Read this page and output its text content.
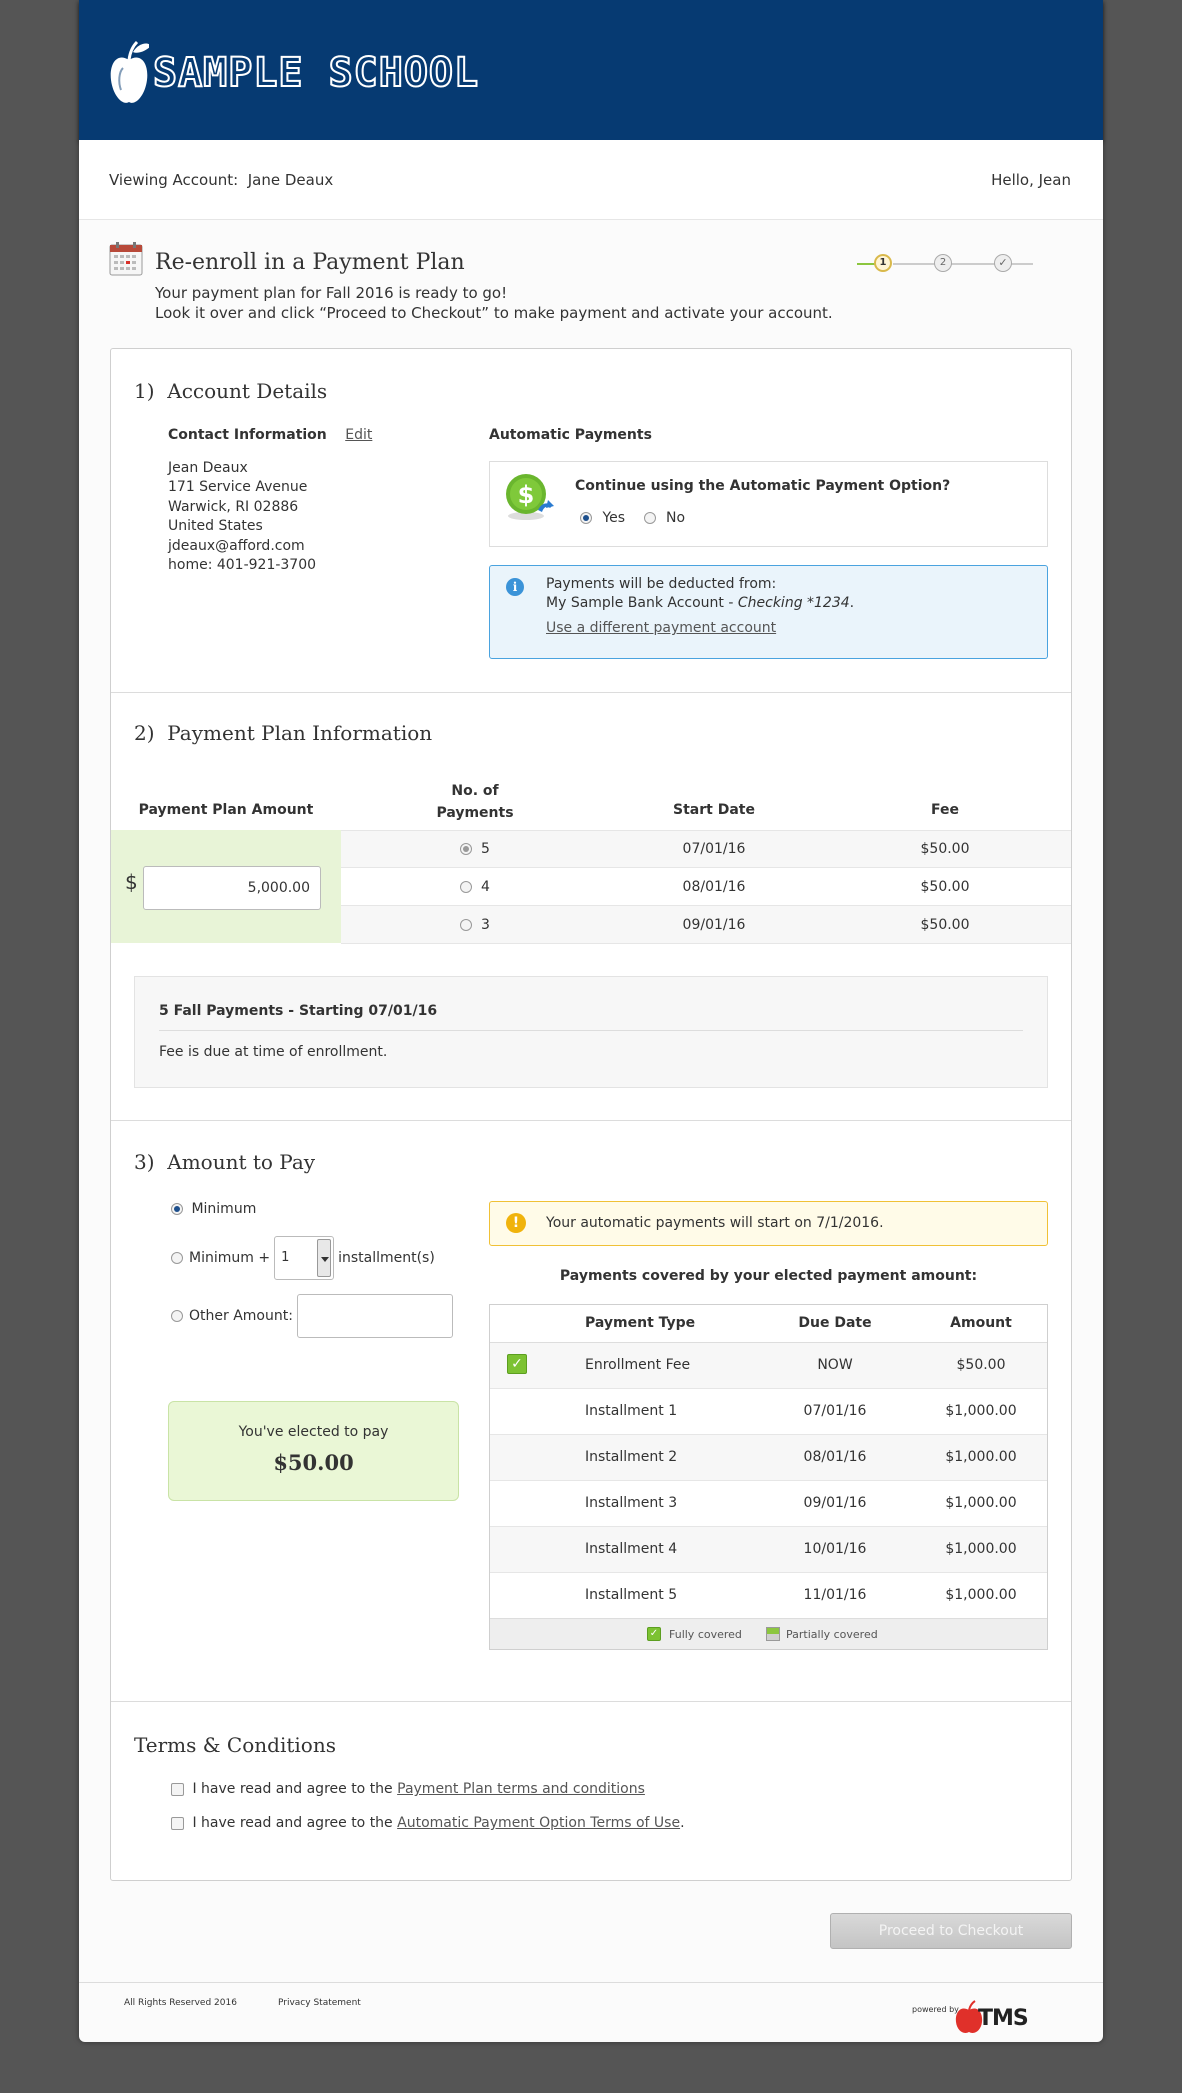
SAMPLE SCHOOL
Viewing Account: Jane Deaux	Hello, Jean
Re-enroll in a Payment Plan
Your payment plan for Fall 2016 is ready to go!
Look it over and click “Proceed to Checkout” to make payment and activate your account.
1	2	✓
1) Account Details
Contact Information Edit
Jean Deaux
171 Service Avenue
Warwick, RI 02886
United States
jdeaux@afford.com
home: 401-921-3700
Automatic Payments
$	Continue using the Automatic Payment Option?
Yes	No
i	Payments will be deducted from:
My Sample Bank Account - Checking *1234.
Use a different payment account
2) Payment Plan Information
Payment Plan Amount
No. of
Payments	Start Date	Fee
$
5,000.00
5	07/01/16	$50.00
4	08/01/16	$50.00
3	09/01/16	$50.00
5 Fall Payments - Starting 07/01/16
Fee is due at time of enrollment.
3) Amount to Pay
Minimum
Minimum + 1	installment(s)
Other Amount:
You've elected to pay
$50.00
!	Your automatic payments will start on 7/1/2016.
Payments covered by your elected payment amount:
Payment Type	Due Date	Amount
✓	Enrollment Fee	NOW	$50.00
Installment 1	07/01/16	$1,000.00
Installment 2	08/01/16	$1,000.00
Installment 3	09/01/16	$1,000.00
Installment 4	10/01/16	$1,000.00
Installment 5	11/01/16	$1,000.00
✓ Fully covered	Partially covered
Terms & Conditions
I have read and agree to the Payment Plan terms and conditions
I have read and agree to the Automatic Payment Option Terms of Use.
Proceed to Checkout
All Rights Reserved 2016	Privacy Statement
powered by TMS
